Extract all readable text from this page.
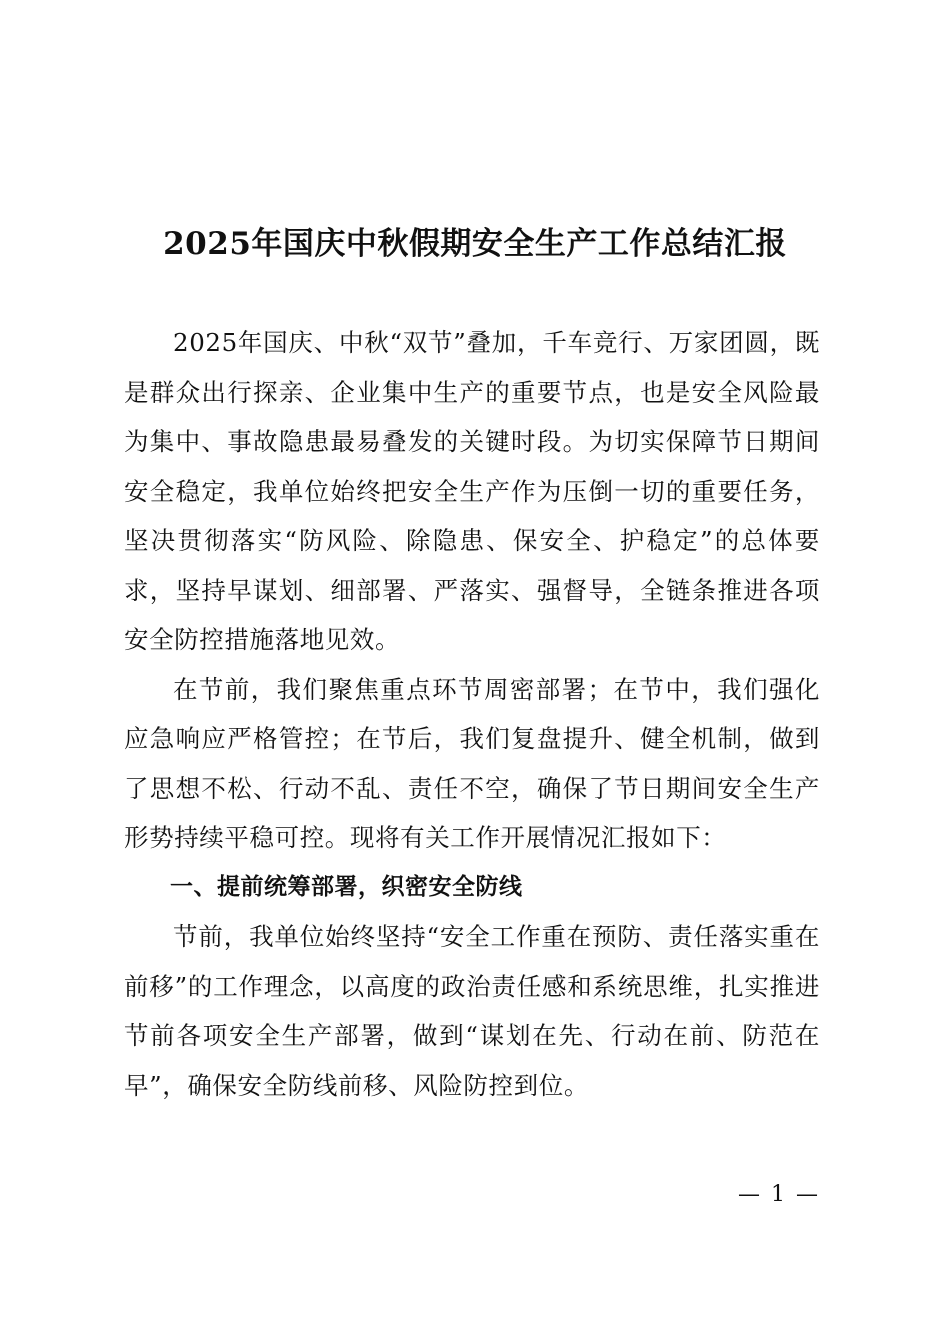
2025年国庆中秋假期安全生产工作总结汇报

2025年国庆、中秋“双节”叠加，千车竞行、万家团圆，既是群众出行探亲、企业集中生产的重要节点，也是安全风险最为集中、事故隐患最易叠发的关键时段。为切实保障节日期间安全稳定，我单位始终把安全生产作为压倒一切的重要任务，坚决贯彻落实“防风险、除隐患、保安全、护稳定”的总体要求，坚持早谋划、细部署、严落实、强督导，全链条推进各项安全防控措施落地见效。

在节前，我们聚焦重点环节周密部署；在节中，我们强化应急响应严格管控；在节后，我们复盘提升、健全机制，做到了思想不松、行动不乱、责任不空，确保了节日期间安全生产形势持续平稳可控。现将有关工作开展情况汇报如下：

一、提前统筹部署，织密安全防线

节前，我单位始终坚持“安全工作重在预防、责任落实重在前移”的工作理念，以高度的政治责任感和系统思维，扎实推进节前各项安全生产部署，做到“谋划在先、行动在前、防范在早”，确保安全防线前移、风险防控到位。

— 1 —
